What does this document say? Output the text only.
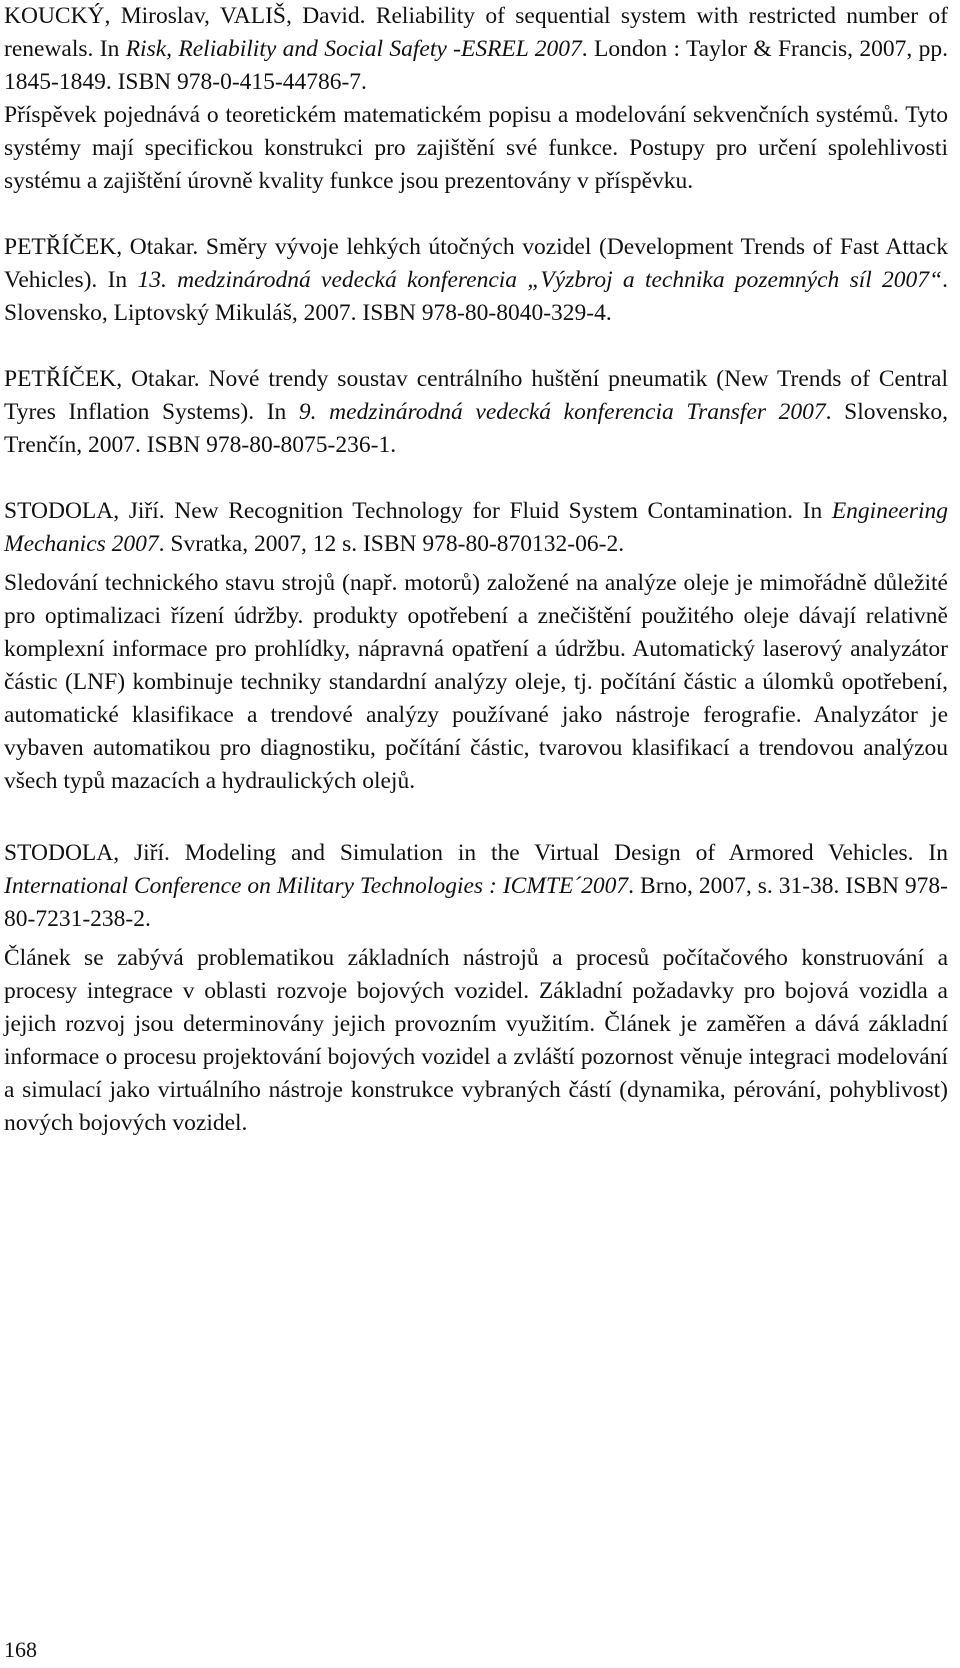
KOUCKÝ, Miroslav, VALIŠ, David. Reliability of sequential system with restricted number of renewals. In Risk, Reliability and Social Safety -ESREL 2007. London : Taylor & Francis, 2007, pp. 1845-1849. ISBN 978-0-415-44786-7.

Příspěvek pojednává o teoretickém matematickém popisu a modelování sekvenčních systémů. Tyto systémy mají specifickou konstrukci pro zajištění své funkce. Postupy pro určení spolehlivosti systému a zajištění úrovně kvality funkce jsou prezentovány v příspěvku.

PETŘÍČEK, Otakar. Směry vývoje lehkých útočných vozidel (Development Trends of Fast Attack Vehicles). In 13. medzinárodná vedecká konferencia „Výzbroj a technika pozemných síl 2007“. Slovensko, Liptovský Mikuláš, 2007. ISBN 978-80-8040-329-4.

PETŘÍČEK, Otakar. Nové trendy soustav centrálního huštění pneumatik (New Trends of Central Tyres Inflation Systems). In 9. medzinárodná vedecká konferencia Transfer 2007. Slovensko, Trenčín, 2007. ISBN 978-80-8075-236-1.

STODOLA, Jiří. New Recognition Technology for Fluid System Contamination. In Engineering Mechanics 2007. Svratka, 2007, 12 s. ISBN 978-80-870132-06-2.

Sledování technického stavu strojů (např. motorů) založené na analýze oleje je mimořádně důležité pro optimalizaci řízení údržby. produkty opotřebení a znečištění použitého oleje dávají relativně komplexní informace pro prohlídky, nápravná opatření a údržbu. Automatický laserový analyzátor částic (LNF) kombinuje techniky standardní analýzy oleje, tj. počítání částic a úlomků opotřebení, automatické klasifikace a trendové analýzy používané jako nástroje ferografie. Analyzátor je vybaven automatikou pro diagnostiku, počítání částic, tvarovou klasifikací a trendovou analýzou všech typů mazacích a hydraulických olejů.

STODOLA, Jiří. Modeling and Simulation in the Virtual Design of Armored Vehicles. In International Conference on Military Technologies : ICMTE´2007. Brno, 2007, s. 31-38. ISBN 978-80-7231-238-2.

Článek se zabývá problematikou základních nástrojů a procesů počítačového konstruování a procesy integrace v oblasti rozvoje bojových vozidel. Základní požadavky pro bojová vozidla a jejich rozvoj jsou determinovány jejich provozním využitím. Článek je zaměřen a dává základní informace o procesu projektování bojových vozidel a zvláští pozornost věnuje integraci modelování a simulací jako virtuálního nástroje konstrukce vybraných částí (dynamika, pérování, pohyblivost) nových bojových vozidel.

168
